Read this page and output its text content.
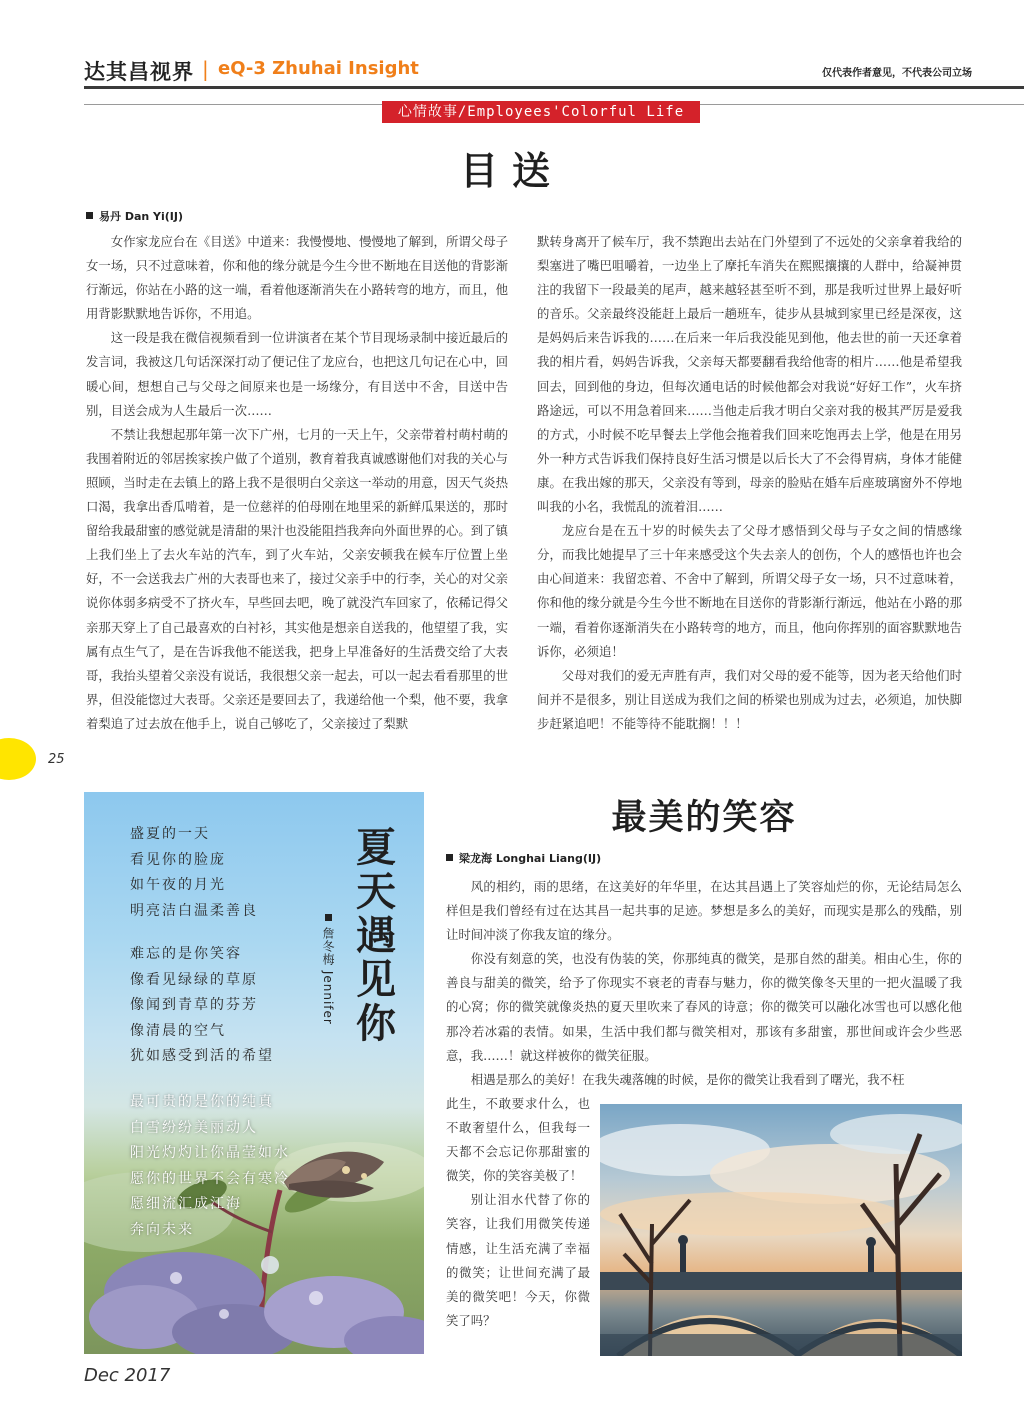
达其昌视界 | eQ-3 Zhuhai Insight	仅代表作者意见，不代表公司立场
心情故事/Employees'Colorful Life
目送
易丹 Dan Yi(IJ)

女作家龙应台在《目送》中道来：我慢慢地、慢慢地了解到，所谓父母子女一场，只不过意味着，你和他的缘分就是今生今世不断地在目送他的背影渐行渐远，你站在小路的这一端，看着他逐渐消失在小路转弯的地方，而且，他用背影默默地告诉你，不用追。

这一段是我在微信视频看到一位讲演者在某个节目现场录制中接近最后的发言词，我被这几句话深深打动了便记住了龙应台，也把这几句记在心中，回暖心间，想想自己与父母之间原来也是一场缘分，有目送中不舍，目送中告别，目送会成为人生最后一次……

不禁让我想起那年第一次下广州，七月的一天上午，父亲带着村萌村萌的我围着附近的邻居挨家挨户做了个道别，教育着我真诚感谢他们对我的关心与照顾，当时走在去镇上的路上我不是很明白父亲这一举动的用意，因天气炎热口渴，我拿出香瓜啃着，是一位慈祥的伯母刚在地里采的新鲜瓜果送的，那时留给我最甜蜜的感觉就是清甜的果汁也没能阻挡我奔向外面世界的心。到了镇上我们坐上了去火车站的汽车，到了火车站，父亲安顿我在候车厅位置上坐好，不一会送我去广州的大表哥也来了，接过父亲手中的行李，关心的对父亲说你体弱多病受不了挤火车，早些回去吧，晚了就没汽车回家了，依稀记得父亲那天穿上了自己最喜欢的白衬衫，其实他是想亲自送我的，他望望了我，实属有点生气了，是在告诉我他不能送我，把身上早准备好的生活费交给了大表哥，我抬头望着父亲没有说话，我很想父亲一起去，可以一起去看看那里的世界，但没能惚过大表哥。父亲还是要回去了，我递给他一个梨，他不要，我拿着梨追了过去放在他手上，说自己够吃了，父亲接过了梨默

默转身离开了候车厅，我不禁跑出去站在门外望到了不远处的父亲拿着我给的梨塞进了嘴巴咀嚼着，一边坐上了摩托车消失在熙熙攘攘的人群中，给凝神贯注的我留下一段最美的尾声，越来越轻甚至听不到，那是我听过世界上最好听的音乐。父亲最终没能赶上最后一趟班车，徒步从县城到家里已经是深夜，这是妈妈后来告诉我的……在后来一年后我没能见到他，他去世的前一天还拿着我的相片看，妈妈告诉我，父亲每天都要翻看我给他寄的相片……他是希望我回去，回到他的身边，但每次通电话的时候他都会对我说“好好工作”，火车挤路途远，可以不用急着回来……当他走后我才明白父亲对我的极其严厉是爱我的方式，小时候不吃早餐去上学他会拖着我们回来吃饱再去上学，他是在用另外一种方式告诉我们保持良好生活习惯是以后长大了不会得胃病，身体才能健康。在我出嫁的那天，父亲没有等到，母亲的脸贴在婚车后座玻璃窗外不停地叫我的小名，我慌乱的流着泪……

龙应台是在五十岁的时候失去了父母才感悟到父母与子女之间的情感缘分，而我比她提早了三十年来感受这个失去亲人的创伤，个人的感悟也许也会由心间道来：我留恋着、不舍中了解到，所谓父母子女一场，只不过意味着，你和他的缘分就是今生今世不断地在目送你的背影渐行渐远，他站在小路的那一端，看着你逐渐消失在小路转弯的地方，而且，他向你挥别的面容默默地告诉你，必须追！

父母对我们的爱无声胜有声，我们对父母的爱不能等，因为老天给他们时间并不是很多，别让目送成为我们之间的桥梁也别成为过去，必须追，加快脚步赶紧追吧！不能等待不能耽搁！！！

25
盛夏的一天
看见你的脸庞
如午夜的月光
明亮洁白温柔善良
难忘的是你笑容
像看见绿绿的草原
像闻到青草的芬芳
像清晨的空气
犹如感受到活的希望
最可贵的是你的纯真
白雪纷纷美丽动人
阳光灼灼让你晶莹如水
愿你的世界不会有寒冷
愿细流汇成江海
奔向未来
夏天遇见你
詹冬梅 Jennifer
最美的笑容
梁龙海 Longhai Liang(IJ)

风的相约，雨的思绪，在这美好的年华里，在达其昌遇上了笑容灿烂的你，无论结局怎么样但是我们曾经有过在达其昌一起共事的足迹。梦想是多么的美好，而现实是那么的残酷，别让时间冲淡了你我友谊的缘分。

你没有刻意的笑，也没有伪装的笑，你那纯真的微笑，是那自然的甜美。相由心生，你的善良与甜美的微笑，给予了你现实不衰老的青春与魅力，你的微笑像冬天里的一把火温暖了我的心窝；你的微笑就像炎热的夏天里吹来了春风的诗意；你的微笑可以融化冰雪也可以感化他那冷若冰霜的表情。如果，生活中我们都与微笑相对，那该有多甜蜜，那世间或许会少些恶意，我……！就这样被你的微笑征服。

相遇是那么的美好！在我失魂落魄的时候，是你的微笑让我看到了曙光，我不枉

此生，不敢要求什么，也不敢奢望什么，但我每一天都不会忘记你那甜蜜的微笑，你的笑容美极了！

别让泪水代替了你的笑容，让我们用微笑传递情感，让生活充满了幸福的微笑；让世间充满了最美的微笑吧！今天，你微笑了吗？

Dec 2017
